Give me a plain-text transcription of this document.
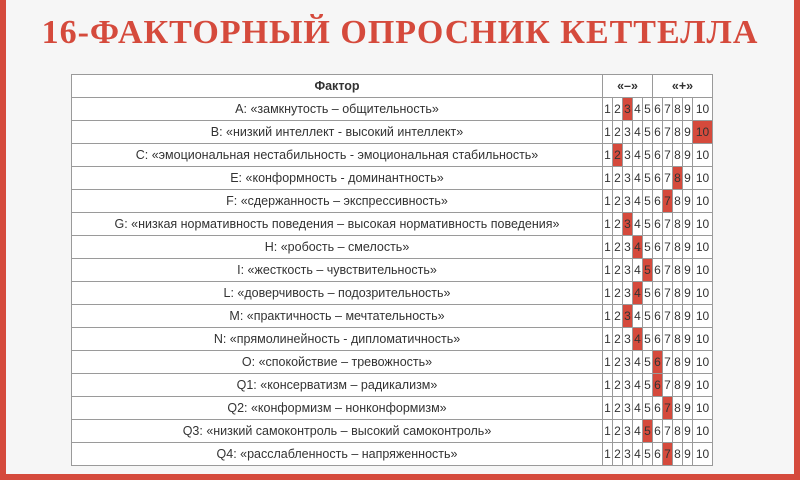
16-ФАКТОРНЫЙ ОПРОСНИК КЕТТЕЛЛА
Фактор	«–»					«+»				
A: «замкнутость – общительность»	1	2	3	4	5	6	7	8	9	10
B: «низкий интеллект - высокий интеллект»	1	2	3	4	5	6	7	8	9	10
C: «эмоциональная нестабильность - эмоциональная стабильность»	1	2	3	4	5	6	7	8	9	10
E: «конформность - доминантность»	1	2	3	4	5	6	7	8	9	10
F: «сдержанность – экспрессивность»	1	2	3	4	5	6	7	8	9	10
G: «низкая нормативность поведения – высокая нормативность поведения»	1	2	3	4	5	6	7	8	9	10
H: «робость – смелость»	1	2	3	4	5	6	7	8	9	10
I: «жесткость – чувствительность»	1	2	3	4	5	6	7	8	9	10
L: «доверчивость – подозрительность»	1	2	3	4	5	6	7	8	9	10
M: «практичность – мечтательность»	1	2	3	4	5	6	7	8	9	10
N: «прямолинейность - дипломатичность»	1	2	3	4	5	6	7	8	9	10
O: «спокойствие – тревожность»	1	2	3	4	5	6	7	8	9	10
Q1: «консерватизм – радикализм»	1	2	3	4	5	6	7	8	9	10
Q2: «конформизм – нонконформизм»	1	2	3	4	5	6	7	8	9	10
Q3: «низкий самоконтроль – высокий самоконтроль»	1	2	3	4	5	6	7	8	9	10
Q4: «расслабленность – напряженность»	1	2	3	4	5	6	7	8	9	10
